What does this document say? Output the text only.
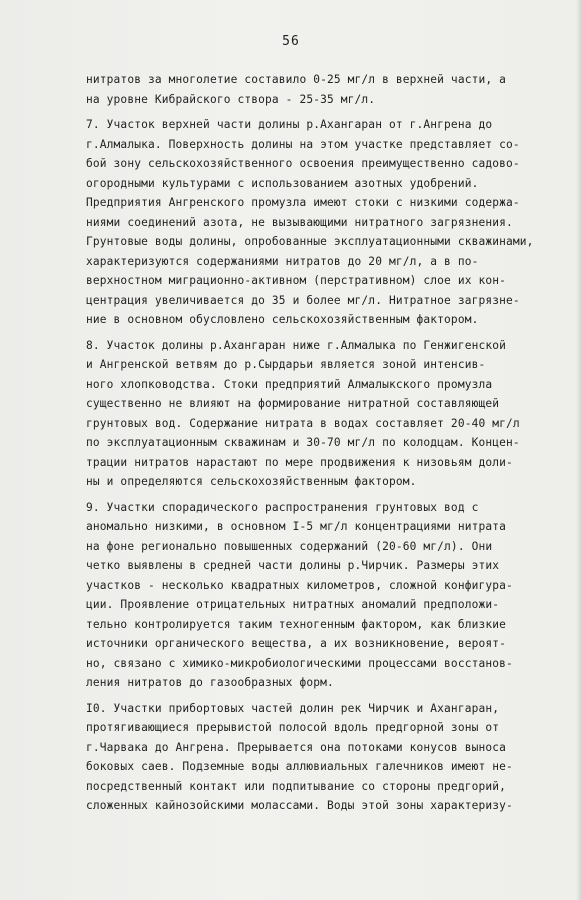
56
нитратов за многолетие составило 0-25 мг/л в верхней части, а
на уровне Кибрайского створа - 25-35 мг/л.
7. Участок верхней части долины р.Ахангаран от г.Ангрена до
г.Алмалыка. Поверхность долины на этом участке представляет со-
бой зону сельскохозяйственного освоения преимущественно садово-
огородными культурами с использованием азотных удобрений.
Предприятия Ангренского промузла имеют стоки с низкими содержа-
ниями соединений азота, не вызывающими нитратного загрязнения.
Грунтовые воды долины, опробованные эксплуатационными скважинами,
характеризуются содержаниями нитратов до 20 мг/л, а в по-
верхностном миграционно-активном (перстративном) слое их кон-
центрация увеличивается до 35 и более мг/л. Нитратное загрязне-
ние в основном обусловлено сельскохозяйственным фактором.
8. Участок долины р.Ахангаран ниже г.Алмалыка по Генжигенской
и Ангренской ветвям до р.Сырдарьи является зоной интенсив-
ного хлопководства. Стоки предприятий Алмалыкского промузла
существенно не влияют на формирование нитратной составляющей
грунтовых вод. Содержание нитрата в водах составляет 20-40 мг/л
по эксплуатационным скважинам и 30-70 мг/л по колодцам. Концен-
трации нитратов нарастают по мере продвижения к низовьям доли-
ны и определяются сельскохозяйственным фактором.
9. Участки спорадического распространения грунтовых вод с
аномально низкими, в основном I-5 мг/л концентрациями нитрата
на фоне регионально повышенных содержаний (20-60 мг/л). Они
четко выявлены в средней части долины р.Чирчик. Размеры этих
участков - несколько квадратных километров, сложной конфигура-
ции. Проявление отрицательных нитратных аномалий предположи-
тельно контролируется таким техногенным фактором, как близкие
источники органического вещества, а их возникновение, вероят-
но, связано с химико-микробиологическими процессами восстанов-
ления нитратов до газообразных форм.
I0. Участки прибортовых частей долин рек Чирчик и Ахангаран,
протягивающиеся прерывистой полосой вдоль предгорной зоны от
г.Чарвака до Ангрена. Прерывается она потоками конусов выноса
боковых саев. Подземные воды аллювиальных галечников имеют не-
посредственный контакт или подпитывание со стороны предгорий,
сложенных кайнозойскими молассами. Воды этой зоны характеризу-
